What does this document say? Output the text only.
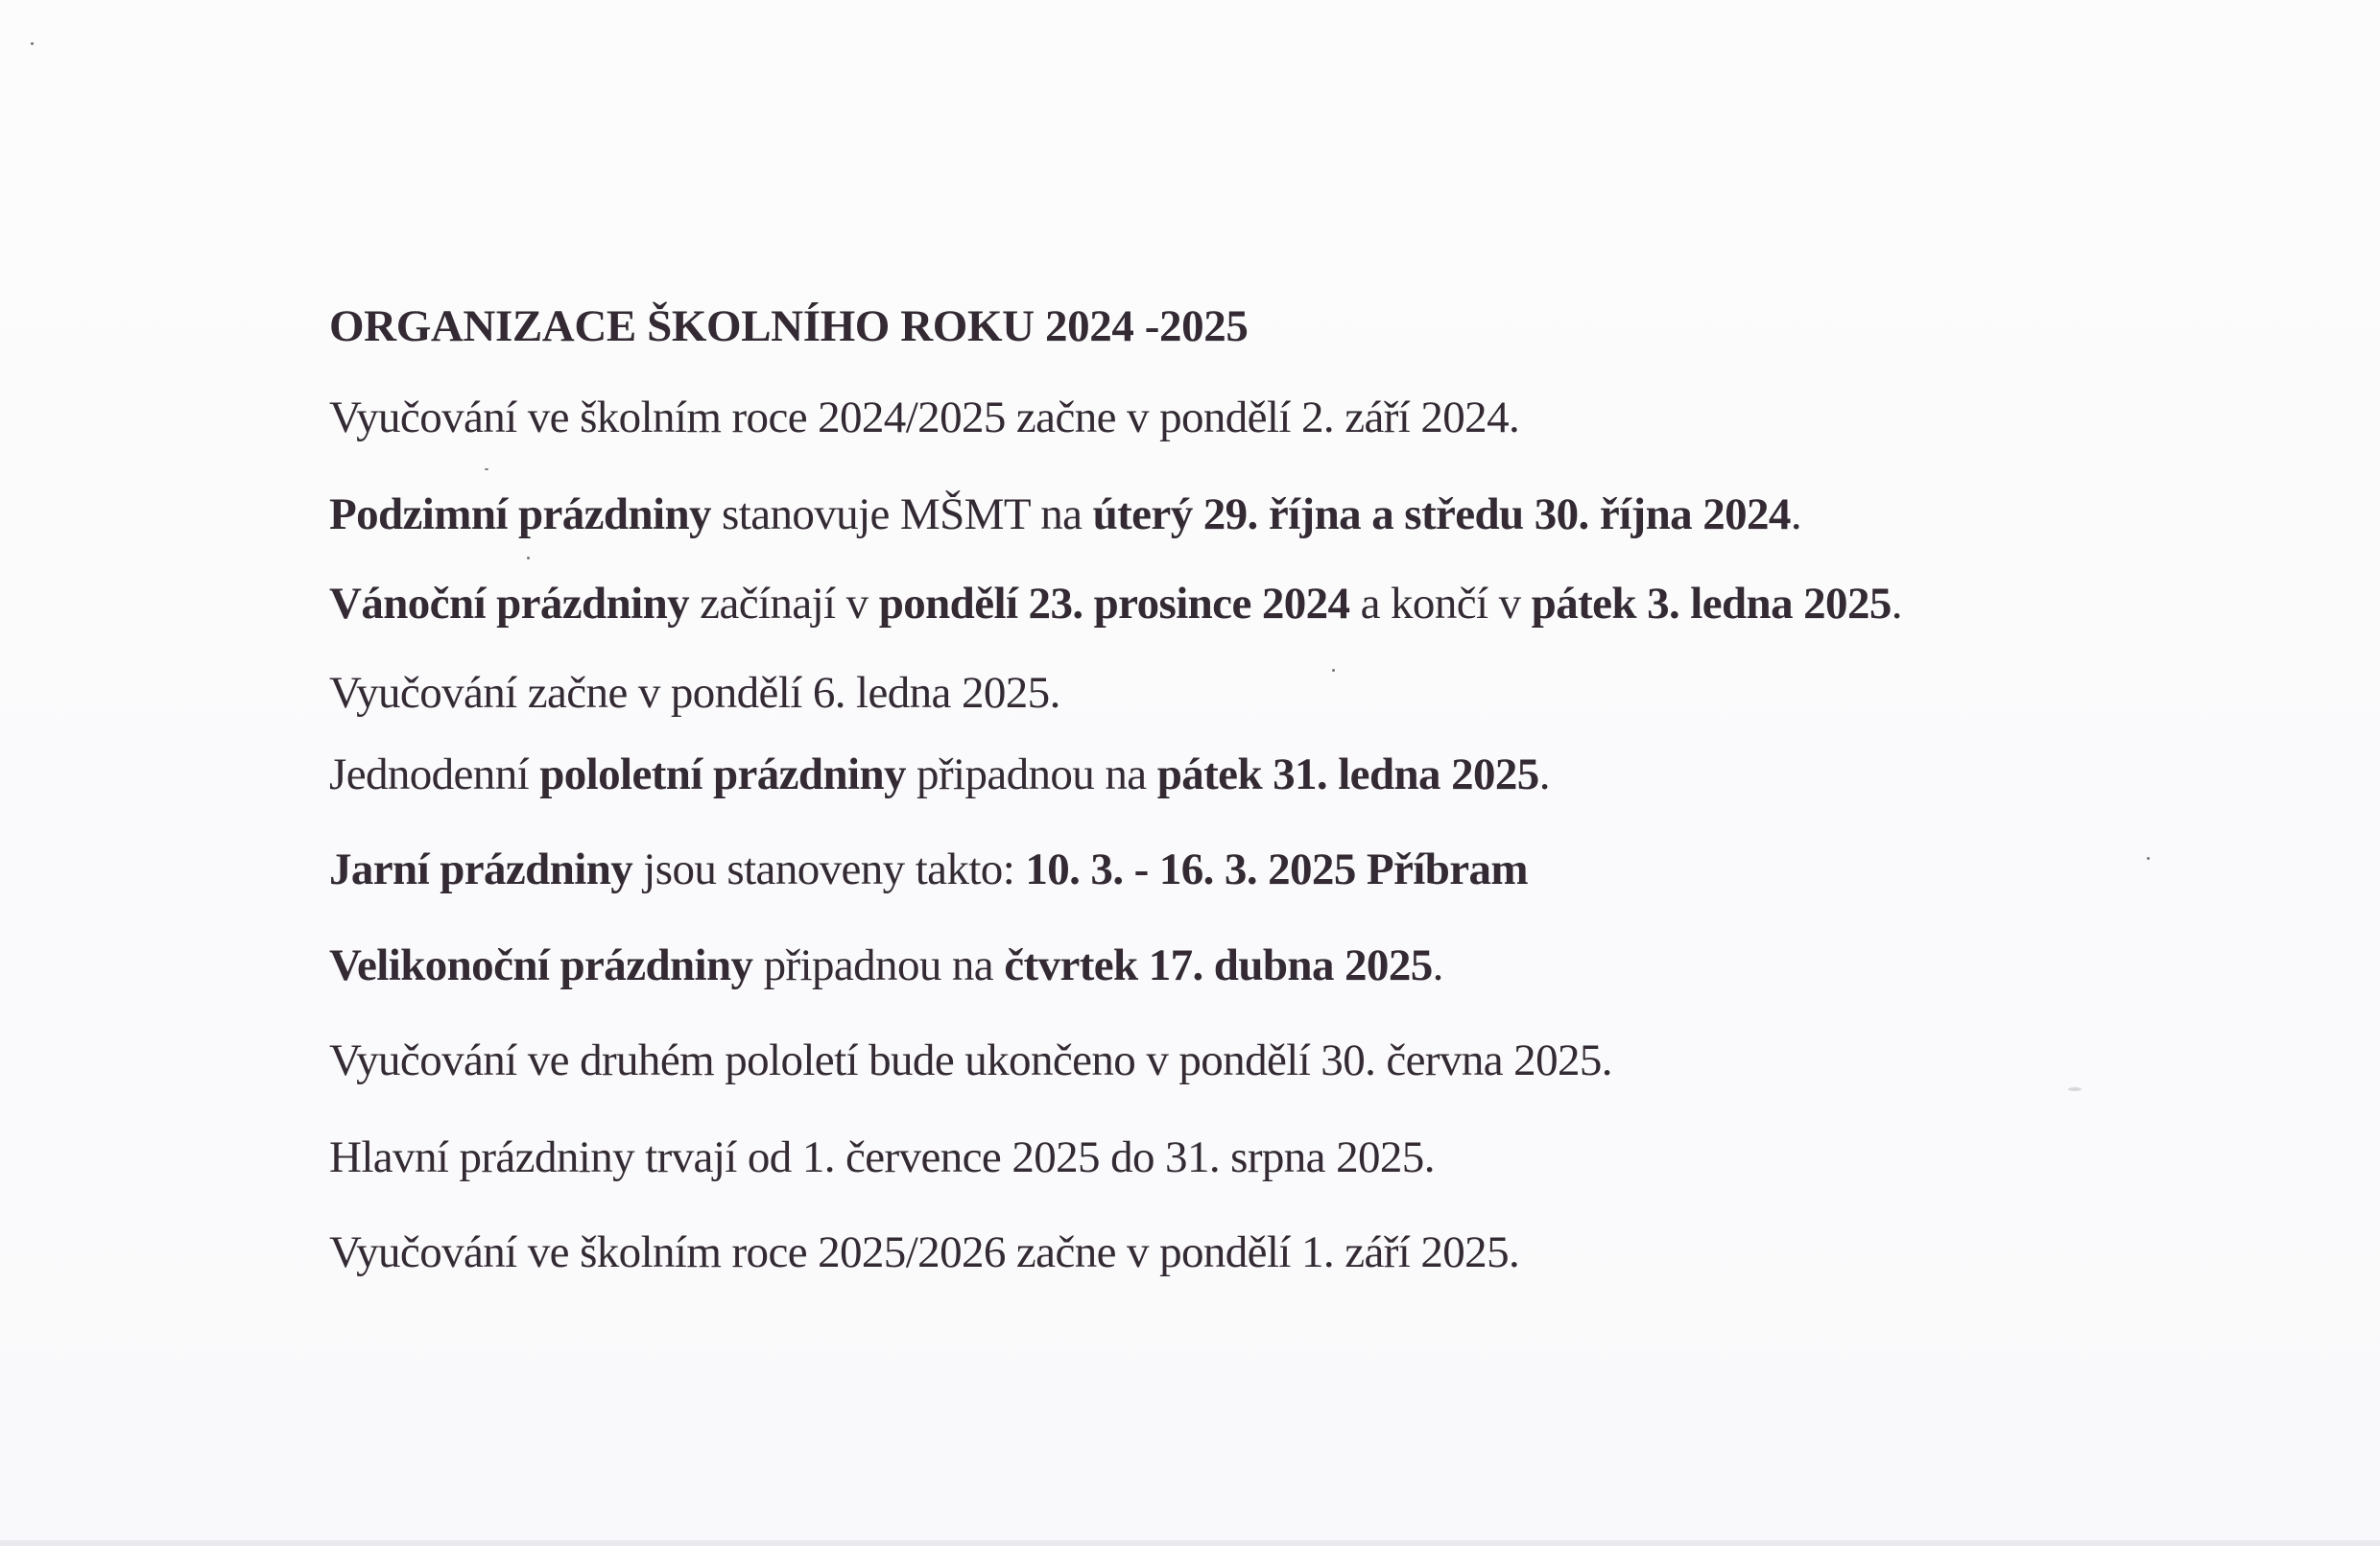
ORGANIZACE ŠKOLNÍHO ROKU 2024 -2025
Vyučování ve školním roce 2024/2025 začne v pondělí 2. září 2024.
Podzimní prázdniny stanovuje MŠMT na úterý 29. října a středu 30. října 2024.
Vánoční prázdniny začínají v pondělí 23. prosince 2024 a končí v pátek 3. ledna 2025.
Vyučování začne v pondělí 6. ledna 2025.
Jednodenní pololetní prázdniny připadnou na pátek 31. ledna 2025.
Jarní prázdniny jsou stanoveny takto: 10. 3. - 16. 3. 2025 Příbram
Velikonoční prázdniny připadnou na čtvrtek 17. dubna 2025.
Vyučování ve druhém pololetí bude ukončeno v pondělí 30. června 2025.
Hlavní prázdniny trvají od 1. července 2025 do 31. srpna 2025.
Vyučování ve školním roce 2025/2026 začne v pondělí 1. září 2025.
